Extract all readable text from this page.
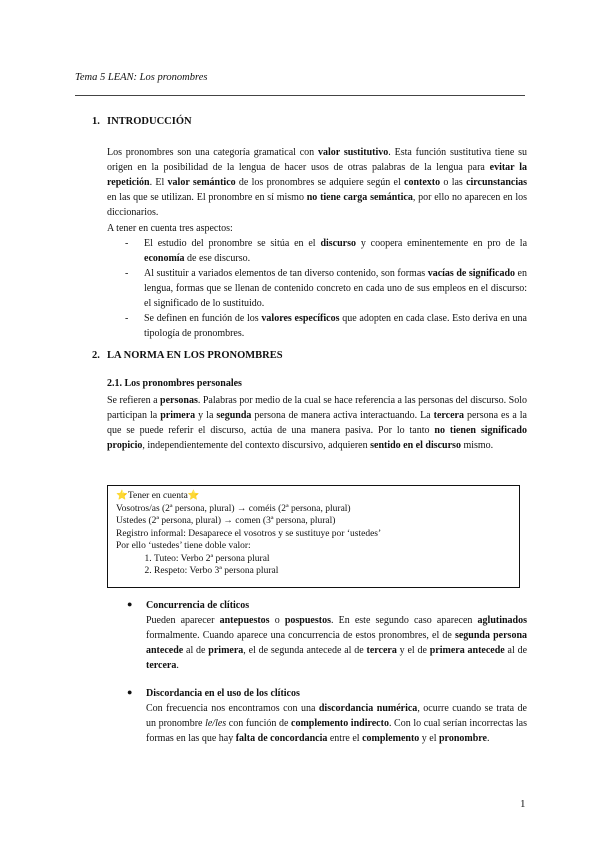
Tema 5 LEAN: Los pronombres
1. INTRODUCCIÓN
Los pronombres son una categoría gramatical con valor sustitutivo. Esta función sustitutiva tiene su origen en la posibilidad de la lengua de hacer usos de otras palabras de la lengua para evitar la repetición. El valor semántico de los pronombres se adquiere según el contexto o las circunstancias en las que se utilizan. El pronombre en sí mismo no tiene carga semántica, por ello no aparecen en los diccionarios.
A tener en cuenta tres aspectos:
- El estudio del pronombre se sitúa en el discurso y coopera eminentemente en pro de la economía de ese discurso.
- Al sustituir a variados elementos de tan diverso contenido, son formas vacías de significado en lengua, formas que se llenan de contenido concreto en cada uno de sus empleos en el discurso: el significado de lo sustituido.
- Se definen en función de los valores específicos que adopten en cada clase. Esto deriva en una tipología de pronombres.
2. LA NORMA EN LOS PRONOMBRES
2.1. Los pronombres personales
Se refieren a personas. Palabras por medio de la cual se hace referencia a las personas del discurso. Solo participan la primera y la segunda persona de manera activa interactuando. La tercera persona es a la que se puede referir el discurso, actúa de una manera pasiva. Por lo tanto no tienen significado propicio, independientemente del contexto discursivo, adquieren sentido en el discurso mismo.
⭐Tener en cuenta⭐
Vosotros/as (2ª persona, plural) → coméis (2ª persona, plural)
Ustedes (2ª persona, plural) → comen (3ª persona, plural)
Registro informal: Desaparece el vosotros y se sustituye por ‘ustedes’
Por ello ‘ustedes’ tiene doble valor:
1. Tuteo: Verbo 2ª persona plural
2. Respeto: Verbo 3ª persona plural
● Concurrencia de clíticos
Pueden aparecer antepuestos o pospuestos. En este segundo caso aparecen aglutinados formalmente. Cuando aparece una concurrencia de estos pronombres, el de segunda persona antecede al de primera, el de segunda antecede al de tercera y el de primera antecede al de tercera.
● Discordancia en el uso de los clíticos
Con frecuencia nos encontramos con una discordancia numérica, ocurre cuando se trata de un pronombre le/les con función de complemento indirecto. Con lo cual serían incorrectas las formas en las que hay falta de concordancia entre el complemento y el pronombre.
1
